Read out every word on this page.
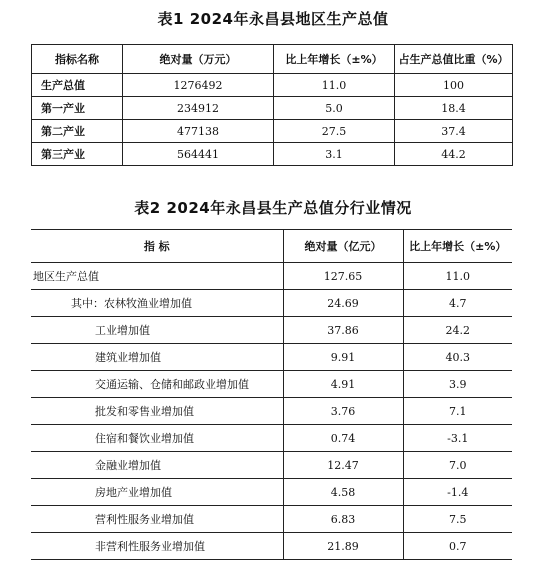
表1 2024年永昌县地区生产总值
指标名称	绝对量（万元）	比上年增长（±%）	占生产总值比重（%）
生产总值	1276492	11.0	100
第一产业	234912	5.0	18.4
第二产业	477138	27.5	37.4
第三产业	564441	3.1	44.2
表2 2024年永昌县生产总值分行业情况
指 标	绝对量（亿元）	比上年增长（±%）
地区生产总值	127.65	11.0
其中：农林牧渔业增加值	24.69	4.7
工业增加值	37.86	24.2
建筑业增加值	9.91	40.3
交通运输、仓储和邮政业增加值	4.91	3.9
批发和零售业增加值	3.76	7.1
住宿和餐饮业增加值	0.74	-3.1
金融业增加值	12.47	7.0
房地产业增加值	4.58	-1.4
营利性服务业增加值	6.83	7.5
非营利性服务业增加值	21.89	0.7
